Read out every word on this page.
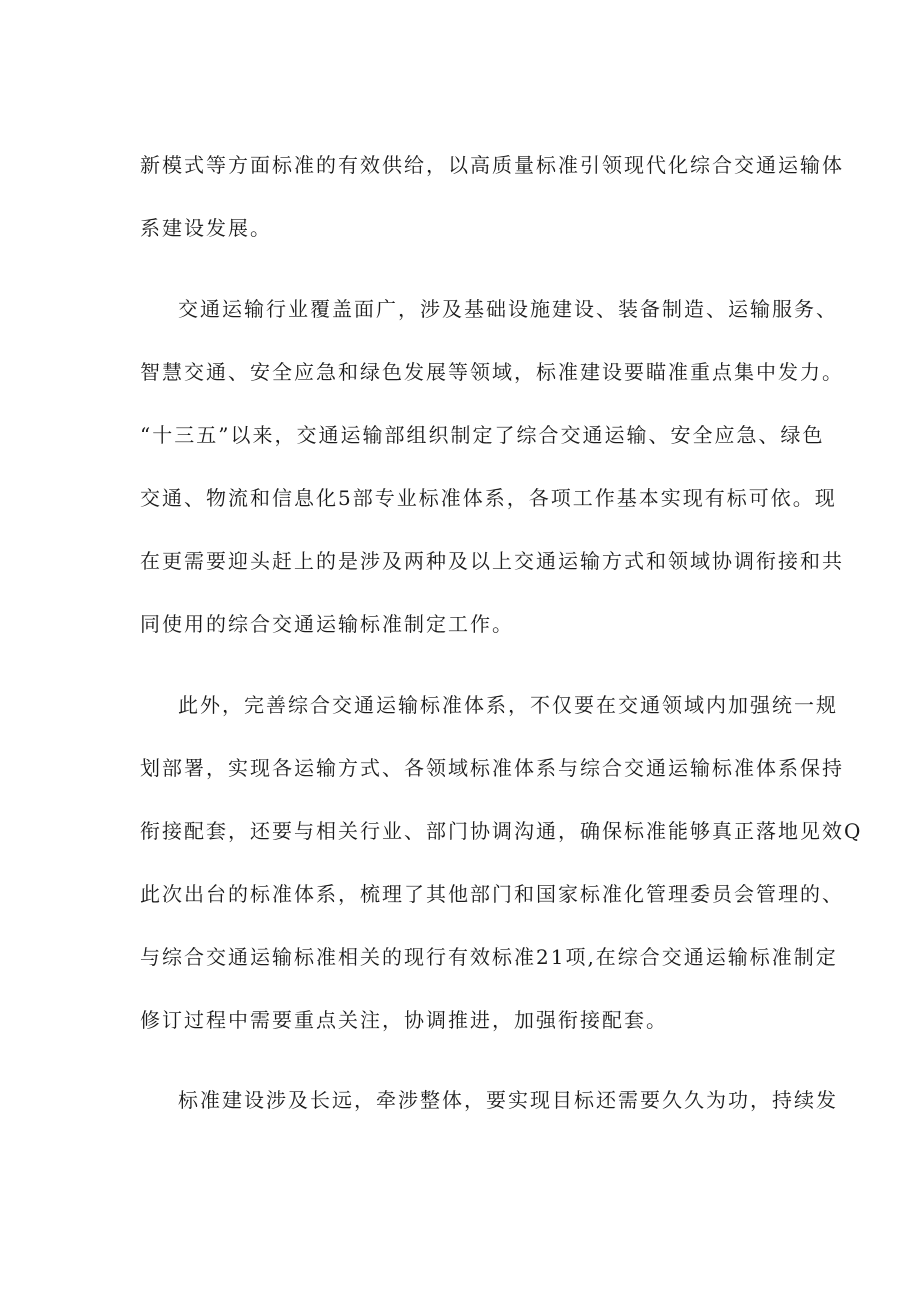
新模式等方面标准的有效供给，以高质量标准引领现代化综合交通运输体
系建设发展。
交通运输行业覆盖面广，涉及基础设施建设、装备制造、运输服务、
智慧交通、安全应急和绿色发展等领域，标准建设要瞄准重点集中发力。
“十三五”以来，交通运输部组织制定了综合交通运输、安全应急、绿色
交通、物流和信息化5部专业标准体系，各项工作基本实现有标可依。现
在更需要迎头赶上的是涉及两种及以上交通运输方式和领域协调衔接和共
同使用的综合交通运输标准制定工作。
此外，完善综合交通运输标准体系，不仅要在交通领域内加强统一规
划部署，实现各运输方式、各领域标准体系与综合交通运输标准体系保持
衔接配套，还要与相关行业、部门协调沟通，确保标准能够真正落地见效Q
此次出台的标准体系，梳理了其他部门和国家标准化管理委员会管理的、
与综合交通运输标准相关的现行有效标准21项,在综合交通运输标准制定
修订过程中需要重点关注，协调推进，加强衔接配套。
标准建设涉及长远，牵涉整体，要实现目标还需要久久为功，持续发
